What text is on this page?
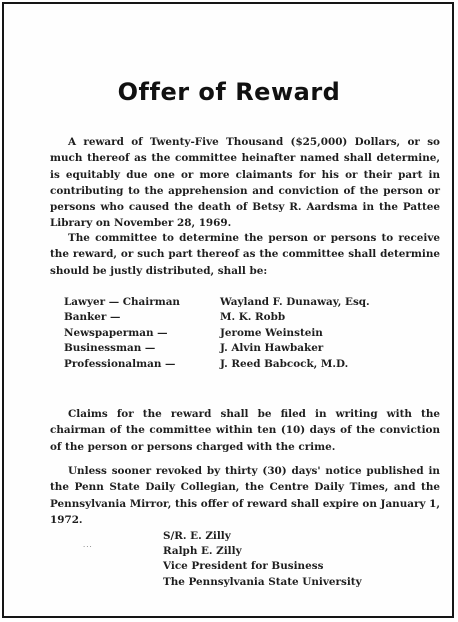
Offer of Reward

A reward of Twenty-Five Thousand ($25,000) Dollars, or so much thereof as the committee heinafter named shall determine, is equitably due one or more claimants for his or their part in contributing to the apprehension and conviction of the person or persons who caused the death of Betsy R. Aardsma in the Pattee Library on November 28, 1969.

The committee to determine the person or persons to receive the reward, or such part thereof as the committee shall determine should be justly distributed, shall be:

Lawyer — Chairman	Wayland F. Dunaway, Esq.
Banker —	M. K. Robb
Newspaperman —	Jerome Weinstein
Businessman —	J. Alvin Hawbaker
Professionalman —	J. Reed Babcock, M.D.

Claims for the reward shall be filed in writing with the chairman of the committee within ten (10) days of the conviction of the person or persons charged with the crime.

Unless sooner revoked by thirty (30) days' notice published in the Penn State Daily Collegian, the Centre Daily Times, and the Pennsylvania Mirror, this offer of reward shall expire on January 1, 1972.

···
S/R. E. Zilly
Ralph E. Zilly
Vice President for Business
The Pennsylvania State University
